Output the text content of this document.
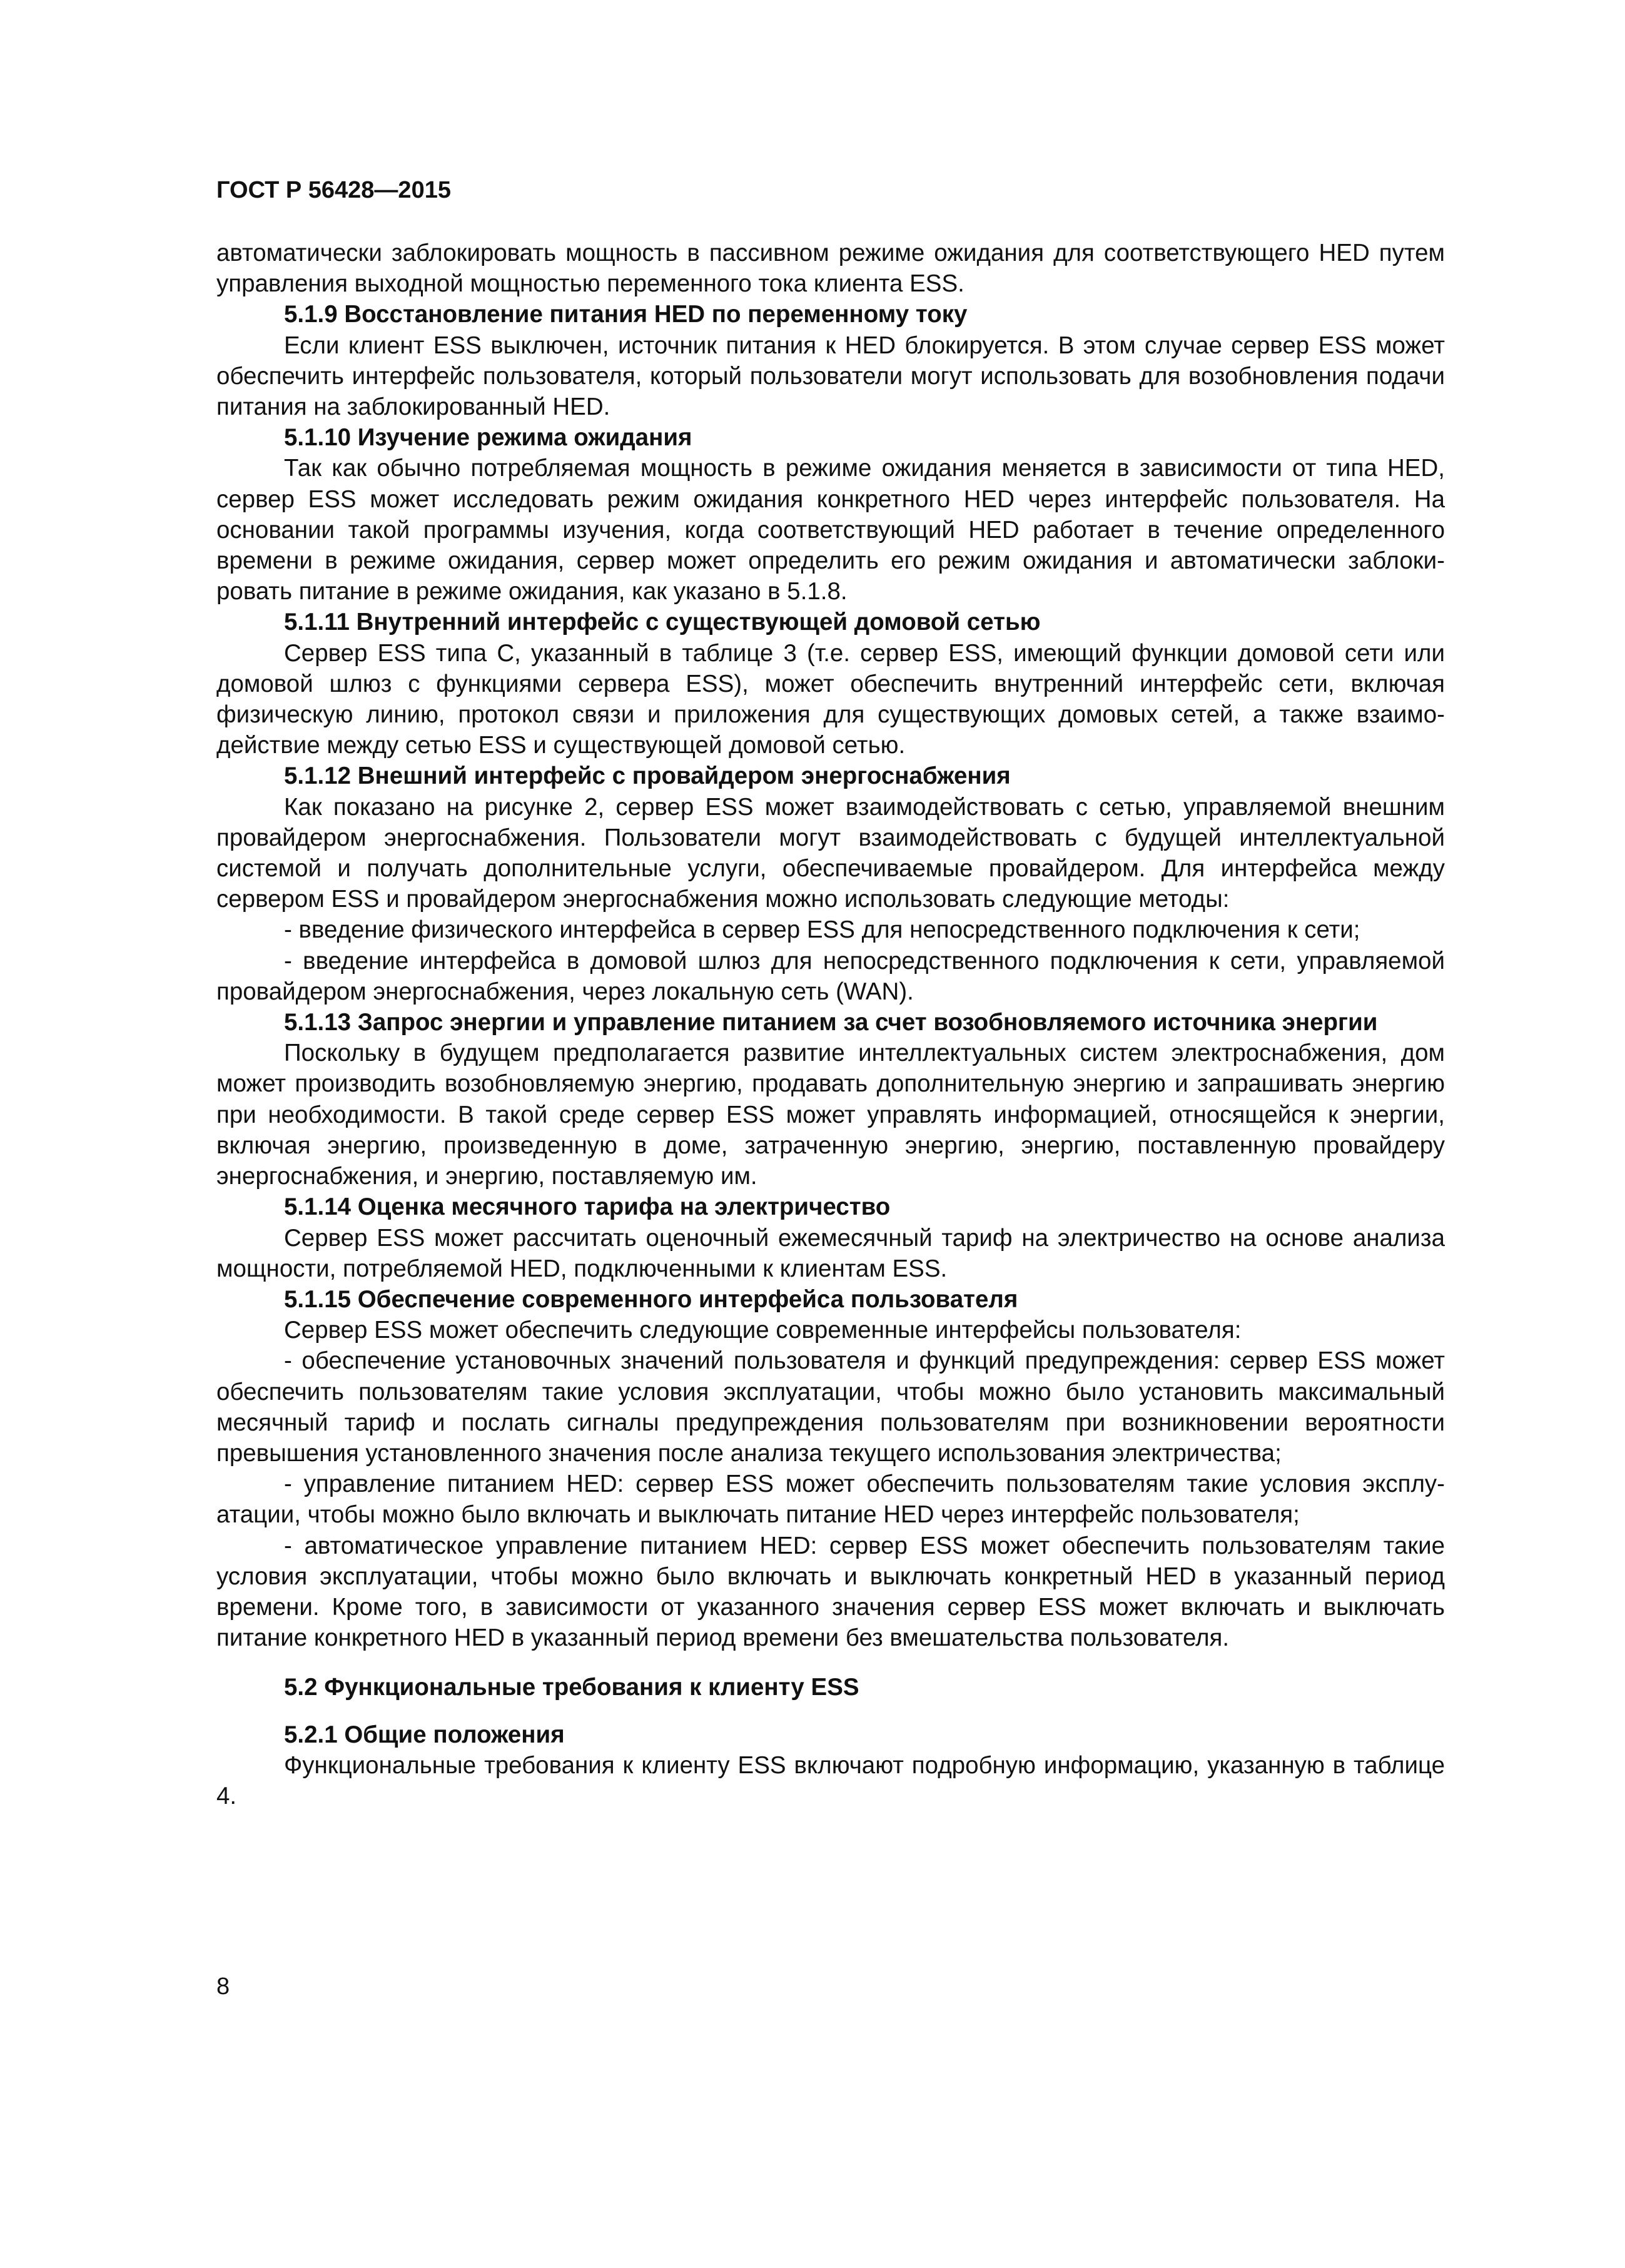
ГОСТ Р 56428—2015

автоматически заблокировать мощность в пассивном режиме ожидания для соответствующего HED путем управления выходной мощностью переменного тока клиента ESS.

5.1.9 Восстановление питания HED по переменному току

Если клиент ESS выключен, источник питания к HED блокируется. В этом случае сервер ESS может обеспечить интерфейс пользователя, который пользователи могут использовать для возобновления подачи питания на заблокированный HED.

5.1.10 Изучение режима ожидания

Так как обычно потребляемая мощность в режиме ожидания меняется в зависимости от типа HED, сервер ESS может исследовать режим ожидания конкретного HED через интерфейс пользователя. На основании такой программы изучения, когда соответствующий HED работает в течение определенного времени в режиме ожидания, сервер может определить его режим ожидания и автоматически заблокировать питание в режиме ожидания, как указано в 5.1.8.

5.1.11 Внутренний интерфейс с существующей домовой сетью

Сервер ESS типа С, указанный в таблице 3 (т.е. сервер ESS, имеющий функции домовой сети или домовой шлюз с функциями сервера ESS), может обеспечить внутренний интерфейс сети, включая физическую линию, протокол связи и приложения для существующих домовых сетей, а также взаимодействие между сетью ESS и существующей домовой сетью.

5.1.12 Внешний интерфейс с провайдером энергоснабжения

Как показано на рисунке 2, сервер ESS может взаимодействовать с сетью, управляемой внешним провайдером энергоснабжения. Пользователи могут взаимодействовать с будущей интеллектуальной системой и получать дополнительные услуги, обеспечиваемые провайдером. Для интерфейса между сервером ESS и провайдером энергоснабжения можно использовать следующие методы:

- введение физического интерфейса в сервер ESS для непосредственного подключения к сети;

- введение интерфейса в домовой шлюз для непосредственного подключения к сети, управляемой провайдером энергоснабжения, через локальную сеть (WAN).

5.1.13 Запрос энергии и управление питанием за счет возобновляемого источника энергии

Поскольку в будущем предполагается развитие интеллектуальных систем электроснабжения, дом может производить возобновляемую энергию, продавать дополнительную энергию и запрашивать энергию при необходимости. В такой среде сервер ESS может управлять информацией, относящейся к энергии, включая энергию, произведенную в доме, затраченную энергию, энергию, поставленную провайдеру энергоснабжения, и энергию, поставляемую им.

5.1.14 Оценка месячного тарифа на электричество

Сервер ESS может рассчитать оценочный ежемесячный тариф на электричество на основе анализа мощности, потребляемой HED, подключенными к клиентам ESS.

5.1.15 Обеспечение современного интерфейса пользователя

Сервер ESS может обеспечить следующие современные интерфейсы пользователя:

- обеспечение установочных значений пользователя и функций предупреждения: сервер ESS может обеспечить пользователям такие условия эксплуатации, чтобы можно было установить максимальный месячный тариф и послать сигналы предупреждения пользователям при возникновении вероятности превышения установленного значения после анализа текущего использования электричества;

- управление питанием HED: сервер ESS может обеспечить пользователям такие условия эксплуатации, чтобы можно было включать и выключать питание HED через интерфейс пользователя;

- автоматическое управление питанием HED: сервер ESS может обеспечить пользователям такие условия эксплуатации, чтобы можно было включать и выключать конкретный HED в указанный период времени. Кроме того, в зависимости от указанного значения сервер ESS может включать и выключать питание конкретного HED в указанный период времени без вмешательства пользователя.

5.2 Функциональные требования к клиенту ESS

5.2.1 Общие положения

Функциональные требования к клиенту ESS включают подробную информацию, указанную в таблице 4.

8
